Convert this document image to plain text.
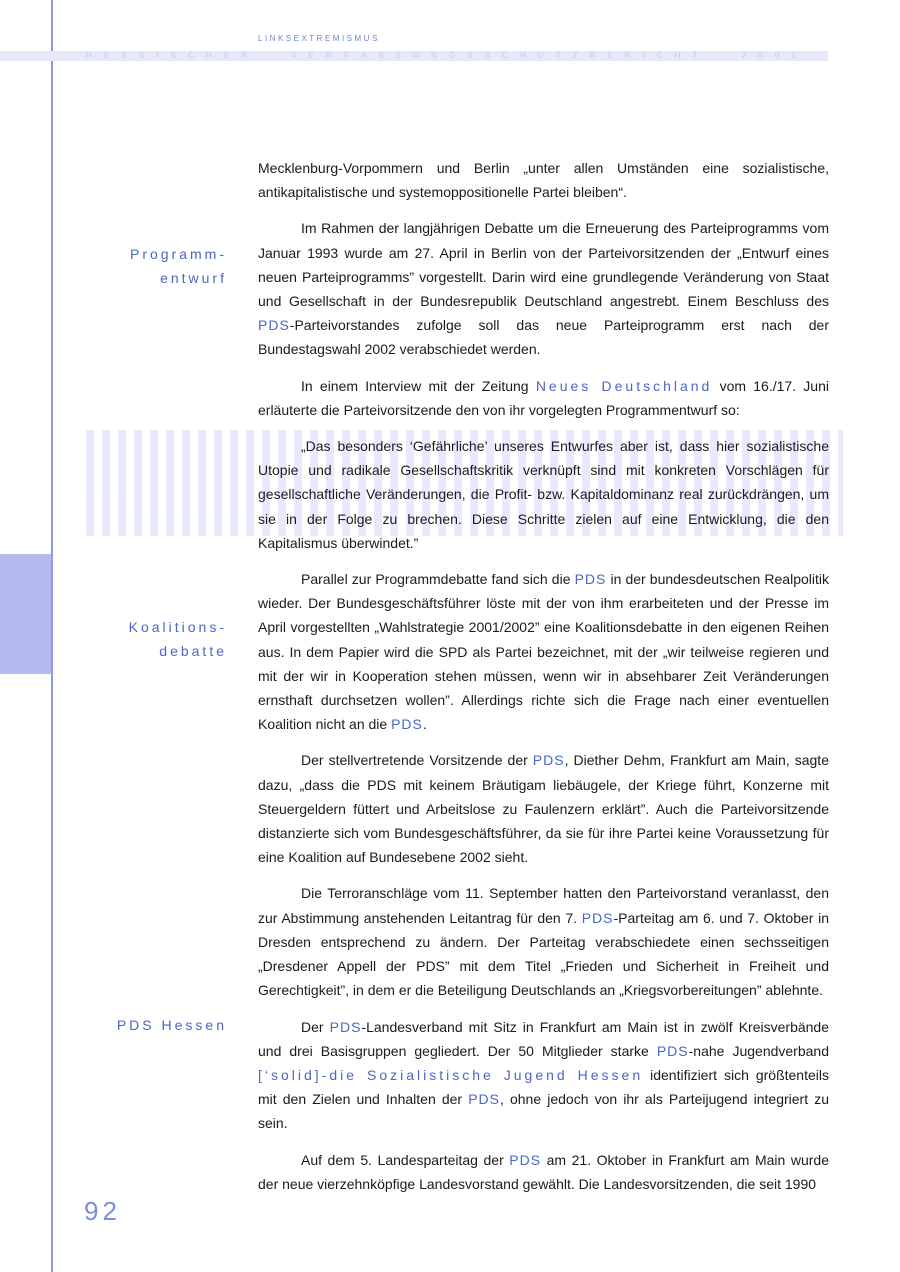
LINKSEXTREMISMUS
H E S S I S C H E R	V E R F A S S U N G S S C H U T Z B E R I C H T	2 0 0 1
Programm-
entwurf
Koalitions-
debatte
PDS Hessen

Mecklenburg-Vorpommern und Berlin „unter allen Umständen eine sozialistische, antikapitalistische und systemoppositionelle Partei bleiben“.

Im Rahmen der langjährigen Debatte um die Erneuerung des Parteiprogramms vom Januar 1993 wurde am 27. April in Berlin von der Parteivorsitzenden der „Entwurf eines neuen Parteiprogramms” vorgestellt. Darin wird eine grundlegende Veränderung von Staat und Gesellschaft in der Bundesrepublik Deutschland angestrebt. Einem Beschluss des PDS-Parteivorstandes zufolge soll das neue Parteiprogramm erst nach der Bundestagswahl 2002 verabschiedet werden.

In einem Interview mit der Zeitung Neues Deutschland vom 16./17. Juni erläuterte die Parteivorsitzende den von ihr vorgelegten Programmentwurf so:

„Das besonders ‘Gefährliche’ unseres Entwurfes aber ist, dass hier sozialistische Utopie und radikale Gesellschaftskritik verknüpft sind mit konkreten Vorschlägen für gesellschaftliche Veränderungen, die Profit- bzw. Kapitaldominanz real zurückdrängen, um sie in der Folge zu brechen. Diese Schritte zielen auf eine Entwicklung, die den Kapitalismus überwindet.”

Parallel zur Programmdebatte fand sich die PDS in der bundesdeutschen Realpolitik wieder. Der Bundesgeschäftsführer löste mit der von ihm erarbeiteten und der Presse im April vorgestellten „Wahlstrategie 2001/2002” eine Koalitionsdebatte in den eigenen Reihen aus. In dem Papier wird die SPD als Partei bezeichnet, mit der „wir teilweise regieren und mit der wir in Kooperation stehen müssen, wenn wir in absehbarer Zeit Veränderungen ernsthaft durchsetzen wollen”. Allerdings richte sich die Frage nach einer eventuellen Koalition nicht an die PDS.

Der stellvertretende Vorsitzende der PDS, Diether Dehm, Frankfurt am Main, sagte dazu, „dass die PDS mit keinem Bräutigam liebäugele, der Kriege führt, Konzerne mit Steuergeldern füttert und Arbeitslose zu Faulenzern erklärt”. Auch die Parteivorsitzende distanzierte sich vom Bundesgeschäftsführer, da sie für ihre Partei keine Voraussetzung für eine Koalition auf Bundesebene 2002 sieht.

Die Terroranschläge vom 11. September hatten den Parteivorstand veranlasst, den zur Abstimmung anstehenden Leitantrag für den 7. PDS-Parteitag am 6. und 7. Oktober in Dresden entsprechend zu ändern. Der Parteitag verabschiedete einen sechsseitigen „Dresdener Appell der PDS” mit dem Titel „Frieden und Sicherheit in Freiheit und Gerechtigkeit”, in dem er die Beteiligung Deutschlands an „Kriegsvorbereitungen” ablehnte.

Der PDS-Landesverband mit Sitz in Frankfurt am Main ist in zwölf Kreisverbände und drei Basisgruppen gegliedert. Der 50 Mitglieder starke PDS-nahe Jugendverband [‘solid]-die Sozialistische Jugend Hessen identifiziert sich größtenteils mit den Zielen und Inhalten der PDS, ohne jedoch von ihr als Parteijugend integriert zu sein.

Auf dem 5. Landesparteitag der PDS am 21. Oktober in Frankfurt am Main wurde der neue vierzehnköpfige Landesvorstand gewählt. Die Landesvorsitzenden, die seit 1990

92
